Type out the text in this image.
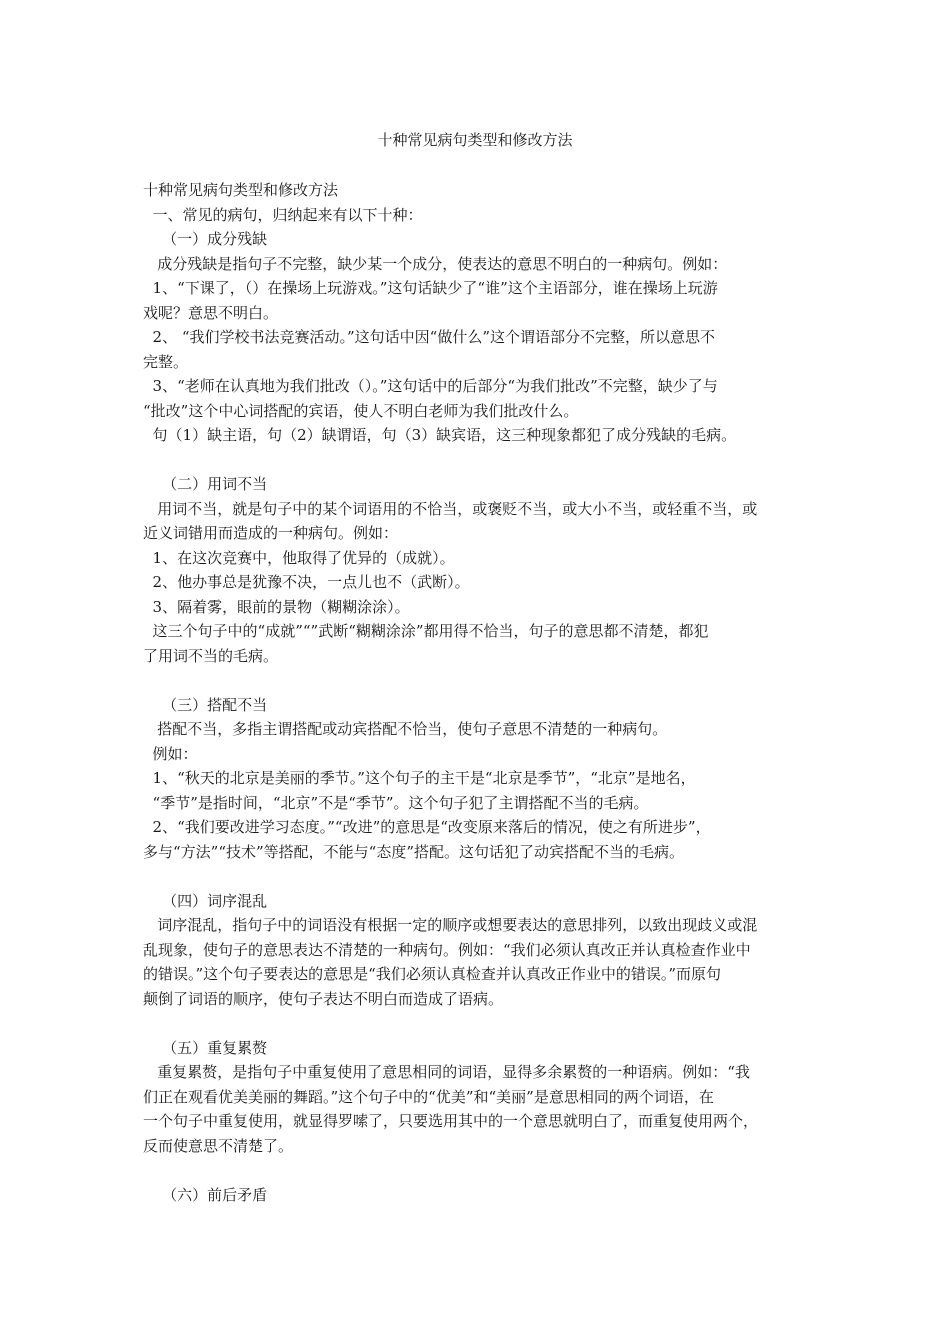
十种常见病句类型和修改方法

十种常见病句类型和修改方法

一、常见的病句，归纳起来有以下十种：

（一）成分残缺

成分残缺是指句子不完整，缺少某一个成分，使表达的意思不明白的一种病句。例如：

1、“下课了，（）在操场上玩游戏。”这句话缺少了“谁”这个主语部分，谁在操场上玩游

戏呢？意思不明白。

2、 “我们学校书法竞赛活动。”这句话中因“做什么”这个谓语部分不完整，所以意思不

完整。

3、“老师在认真地为我们批改（）。”这句话中的后部分“为我们批改”不完整，缺少了与

“批改”这个中心词搭配的宾语，使人不明白老师为我们批改什么。

句（1）缺主语，句（2）缺谓语，句（3）缺宾语，这三种现象都犯了成分残缺的毛病。

（二）用词不当

用词不当，就是句子中的某个词语用的不恰当，或褒贬不当，或大小不当，或轻重不当，或

近义词错用而造成的一种病句。例如：

1、在这次竞赛中，他取得了优异的（成就）。

2、他办事总是犹豫不决，一点儿也不（武断）。

3、隔着雾，眼前的景物（糊糊涂涂）。

这三个句子中的“成就”“”武断“糊糊涂涂”都用得不恰当，句子的意思都不清楚，都犯

了用词不当的毛病。

（三）搭配不当

搭配不当，多指主谓搭配或动宾搭配不恰当，使句子意思不清楚的一种病句。

例如：

1、“秋天的北京是美丽的季节。”这个句子的主干是“北京是季节”，“北京”是地名，

“季节”是指时间，“北京”不是“季节”。这个句子犯了主谓搭配不当的毛病。

2、“我们要改进学习态度。”“改进”的意思是“改变原来落后的情况，使之有所进步”，

多与“方法”“技术”等搭配，不能与“态度”搭配。这句话犯了动宾搭配不当的毛病。

（四）词序混乱

词序混乱，指句子中的词语没有根据一定的顺序或想要表达的意思排列，以致出现歧义或混

乱现象，使句子的意思表达不清楚的一种病句。例如：“我们必须认真改正并认真检查作业中

的错误。”这个句子要表达的意思是“我们必须认真检查并认真改正作业中的错误。”而原句

颠倒了词语的顺序，使句子表达不明白而造成了语病。

（五）重复累赘

重复累赘，是指句子中重复使用了意思相同的词语，显得多余累赘的一种语病。例如：“我

们正在观看优美美丽的舞蹈。”这个句子中的“优美”和“美丽”是意思相同的两个词语，在

一个句子中重复使用，就显得罗嗦了，只要选用其中的一个意思就明白了，而重复使用两个，

反而使意思不清楚了。

（六）前后矛盾
